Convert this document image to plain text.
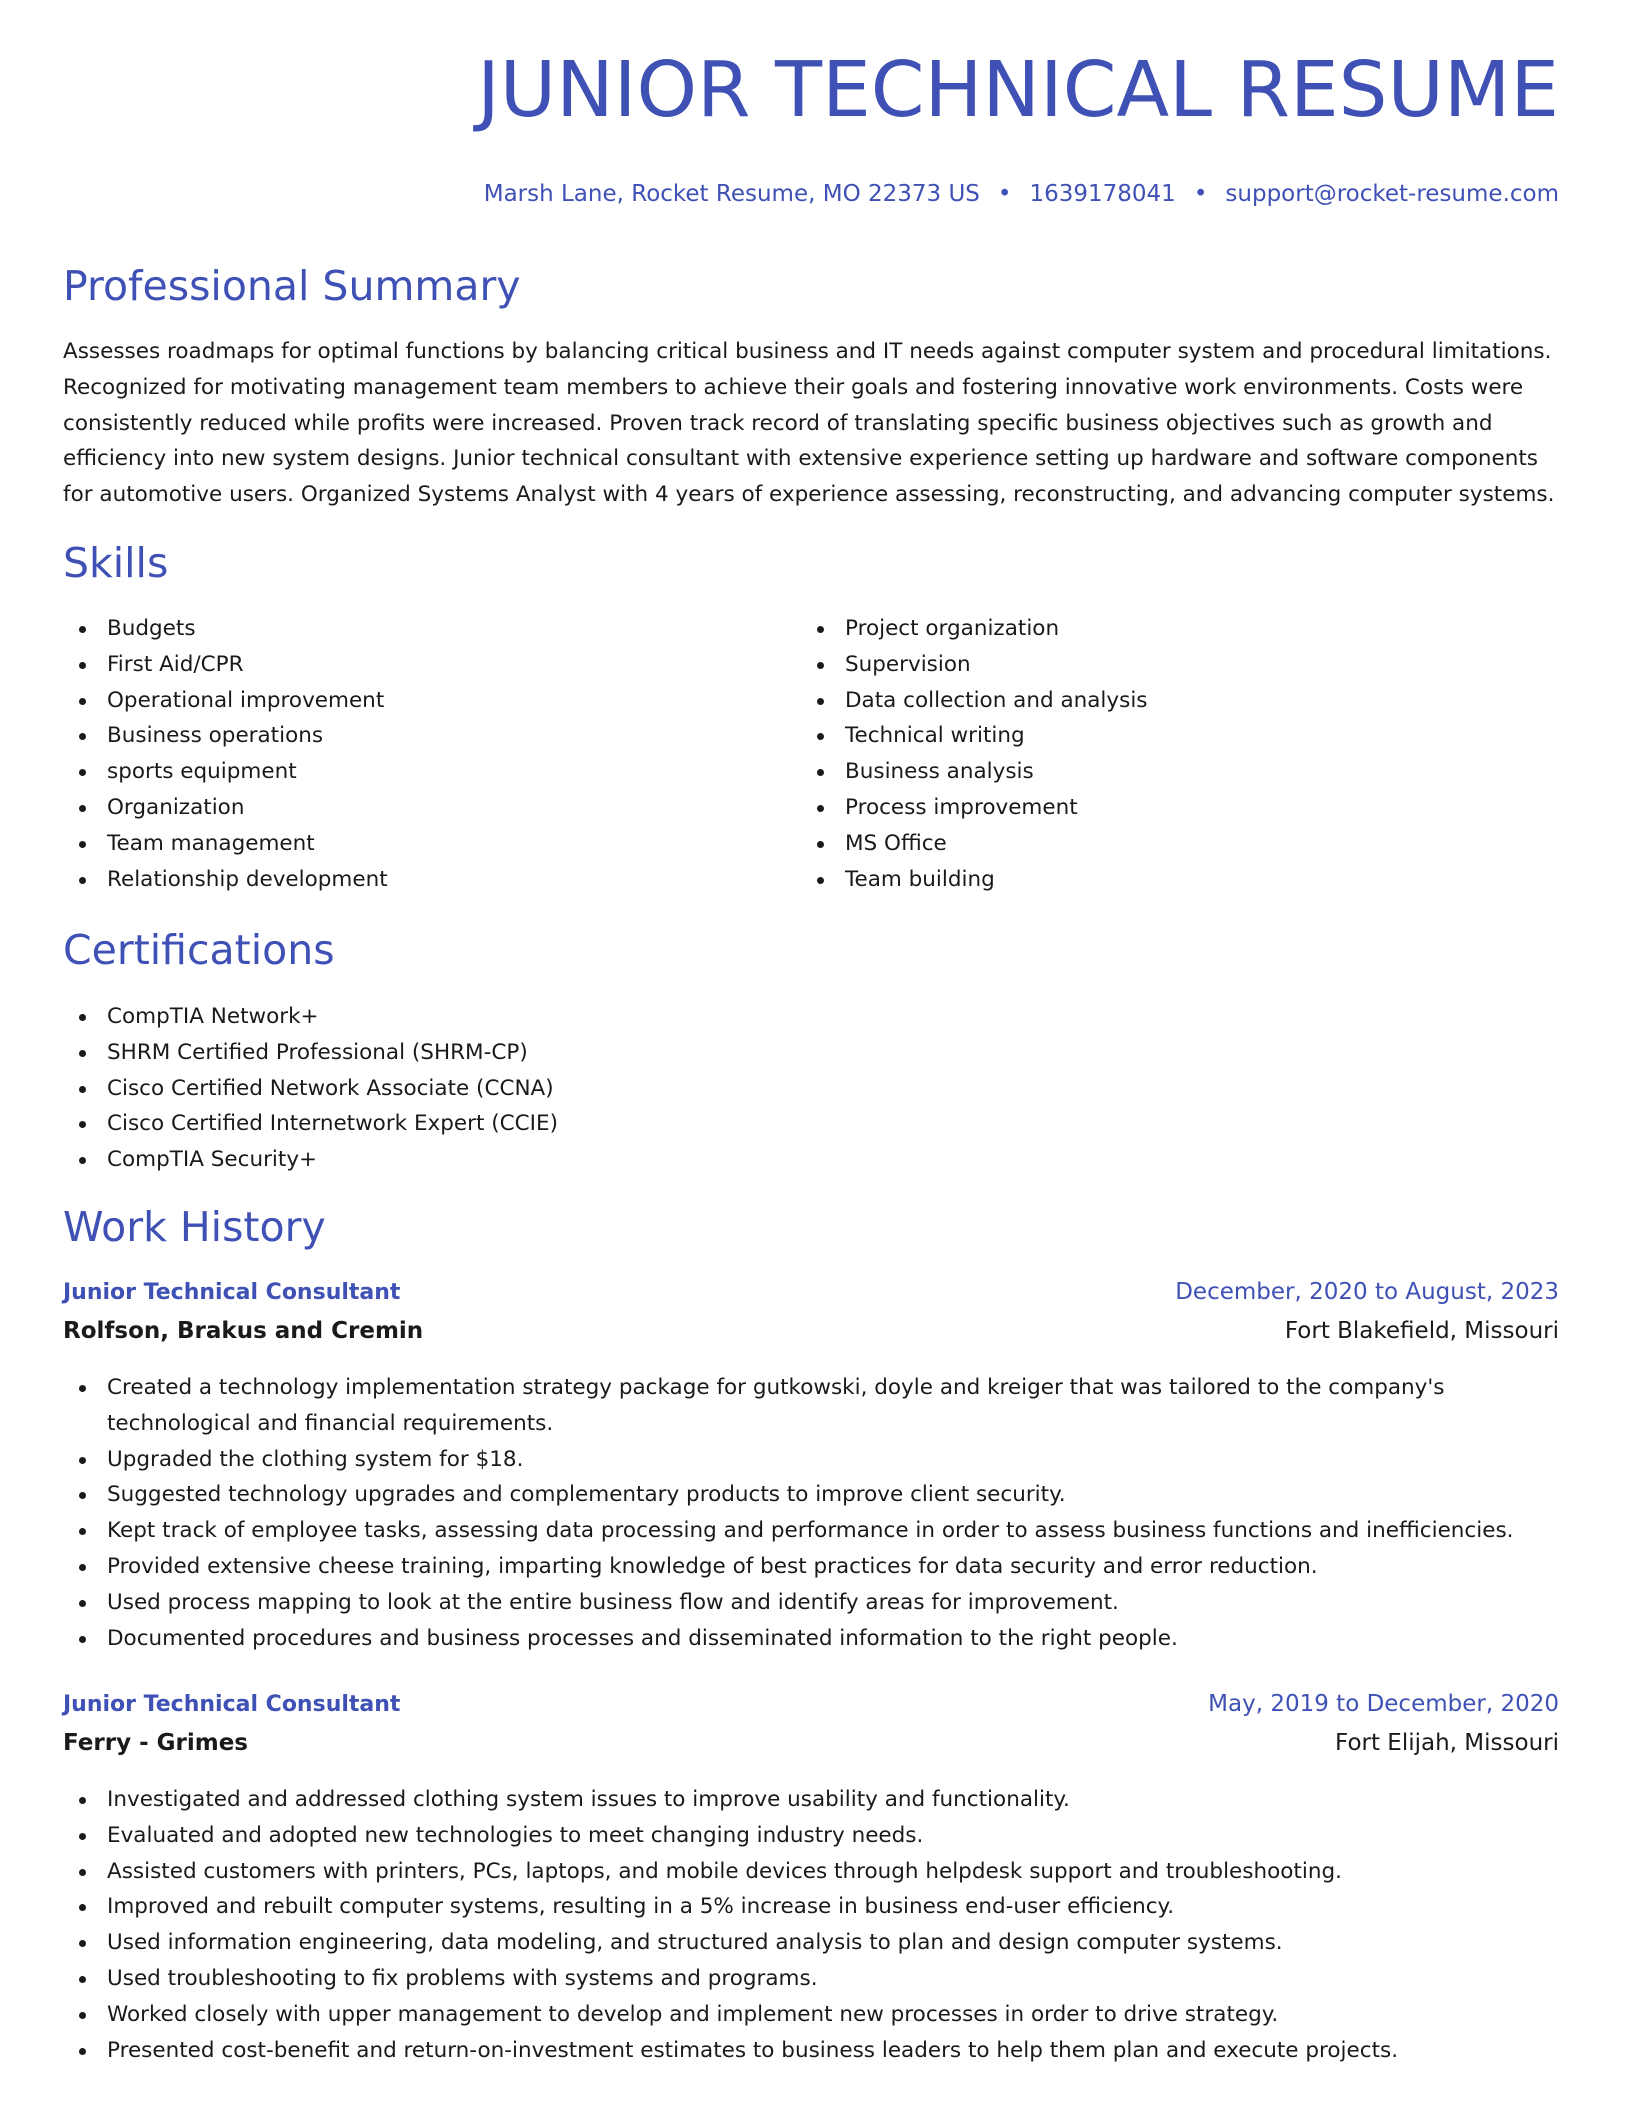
JUNIOR TECHNICAL RESUME
Marsh Lane, Rocket Resume, MO 22373 US • 1639178041 • support@rocket-resume.com
Professional Summary

Assesses roadmaps for optimal functions by balancing critical business and IT needs against computer system and procedural limitations. Recognized for motivating management team members to achieve their goals and fostering innovative work environments. Costs were consistently reduced while profits were increased. Proven track record of translating specific business objectives such as growth and efficiency into new system designs. Junior technical consultant with extensive experience setting up hardware and software components for automotive users. Organized Systems Analyst with 4 years of experience assessing, reconstructing, and advancing computer systems.

Skills
Budgets
First Aid/CPR
Operational improvement
Business operations
sports equipment
Organization
Team management
Relationship development
Project organization
Supervision
Data collection and analysis
Technical writing
Business analysis
Process improvement
MS Office
Team building
Certifications
CompTIA Network+
SHRM Certified Professional (SHRM-CP)
Cisco Certified Network Associate (CCNA)
Cisco Certified Internetwork Expert (CCIE)
CompTIA Security+
Work History
Junior Technical Consultant	December, 2020 to August, 2023
Rolfson, Brakus and Cremin	Fort Blakefield, Missouri
Created a technology implementation strategy package for gutkowski, doyle and kreiger that was tailored to the company's technological and financial requirements.
Upgraded the clothing system for $18.
Suggested technology upgrades and complementary products to improve client security.
Kept track of employee tasks, assessing data processing and performance in order to assess business functions and inefficiencies.
Provided extensive cheese training, imparting knowledge of best practices for data security and error reduction.
Used process mapping to look at the entire business flow and identify areas for improvement.
Documented procedures and business processes and disseminated information to the right people.
Junior Technical Consultant	May, 2019 to December, 2020
Ferry - Grimes	Fort Elijah, Missouri
Investigated and addressed clothing system issues to improve usability and functionality.
Evaluated and adopted new technologies to meet changing industry needs.
Assisted customers with printers, PCs, laptops, and mobile devices through helpdesk support and troubleshooting.
Improved and rebuilt computer systems, resulting in a 5% increase in business end-user efficiency.
Used information engineering, data modeling, and structured analysis to plan and design computer systems.
Used troubleshooting to fix problems with systems and programs.
Worked closely with upper management to develop and implement new processes in order to drive strategy.
Presented cost-benefit and return-on-investment estimates to business leaders to help them plan and execute projects.
